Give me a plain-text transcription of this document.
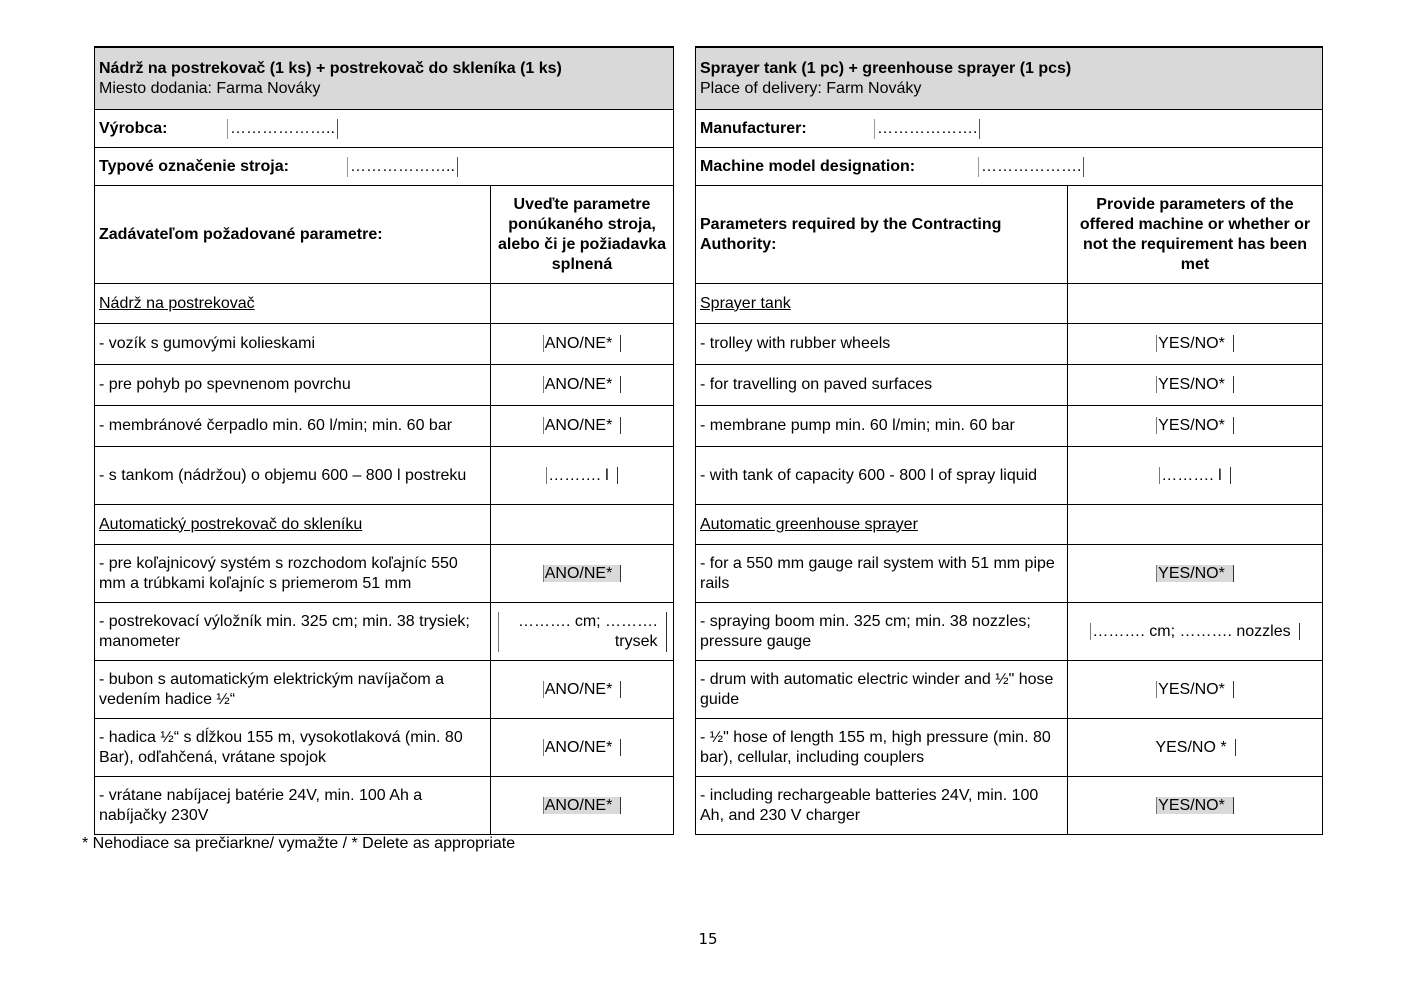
Nádrž na postrekovač (1 ks) + postrekovač do skleníka (1 ks)
Miesto dodania: Farma Nováky	

Výrobca: ………………..	
Typové označenie stroja: ………………..	
Zadávateľom požadované parametre:	Uveďte parametre ponúkaného stroja, alebo či je požiadavka splnená
Nádrž na postrekovač	
- vozík s gumovými kolieskami	ANO/NE*
- pre pohyb po spevnenom povrchu	ANO/NE*
- membránové čerpadlo min. 60 l/min; min. 60 bar	ANO/NE*
- s tankom (nádržou) o objemu 600 – 800 l postreku	………. l
Automatický postrekovač do skleníku	
- pre koľajnicový systém s rozchodom koľajníc 550 mm a trúbkami koľajníc s priemerom 51 mm	ANO/NE*
- postrekovací výložník min. 325 cm; min. 38 trysiek; manometer	………. cm; ………. trysek
- bubon s automatickým elektrickým navíjačom a vedením hadice ½“	ANO/NE*
- hadica ½“ s dĺžkou 155 m, vysokotlaková (min. 80 Bar), odľahčená, vrátane spojok	ANO/NE*
- vrátane nabíjacej batérie 24V, min. 100 Ah a nabíjačky 230V	ANO/NE*
Sprayer tank (1 pc) + greenhouse sprayer (1 pcs)
Place of delivery: Farm Nováky	

Manufacturer: ……………….	
Machine model designation: ……………….	
Parameters required by the Contracting Authority:	Provide parameters of the offered machine or whether or not the requirement has been met
Sprayer tank	
- trolley with rubber wheels	YES/NO*
- for travelling on paved surfaces	YES/NO*
- membrane pump min. 60 l/min; min. 60 bar	YES/NO*
- with tank of capacity 600 - 800 l of spray liquid	………. l
Automatic greenhouse sprayer	
- for a 550 mm gauge rail system with 51 mm pipe rails	YES/NO*
- spraying boom min. 325 cm; min. 38 nozzles; pressure gauge	………. cm; ………. nozzles
- drum with automatic electric winder and ½" hose guide	YES/NO*
- ½" hose of length 155 m, high pressure (min. 80 bar), cellular, including couplers	YES/NO *
- including rechargeable batteries 24V, min. 100 Ah, and 230 V charger	YES/NO*
* Nehodiace sa prečiarkne/ vymažte / * Delete as appropriate
15
